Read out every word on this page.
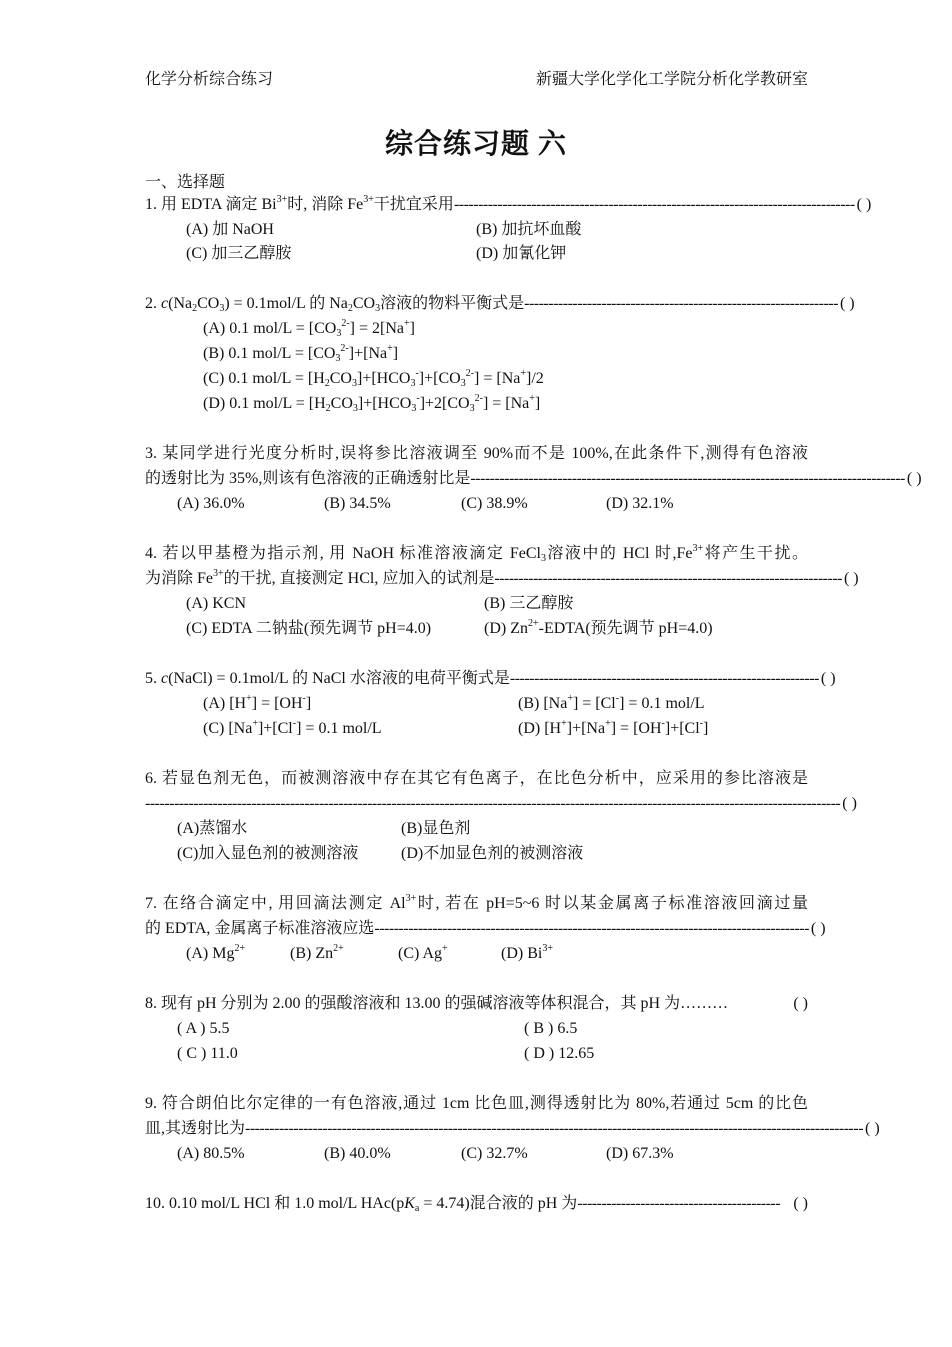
化学分析综合练习	新疆大学化学化工学院分析化学教研室
综合练习题 六
一、选择题
1. 用 EDTA 滴定 $Bi^{3+}$时, 消除 $Fe^{3+}$干扰宜采用----------------------------------------------------------------------------------- ( )
(A) 加 NaOH	(B) 加抗坏血酸
(C) 加三乙醇胺	(D) 加氰化钾
2. $c(Na_2CO_3) = 0.1mol/L$ 的 $Na_2CO_3$溶液的物料平衡式是----------------------------------------------------------------- ( )
(A) 0.1 $mol/L = [CO_3^{2-}] = 2[Na^+]$
(B) 0.1 $mol/L = [CO_3^{2-}]+[Na^+]$
(C) 0.1 $mol/L = [H_2CO_3]+[HCO_3^-]+[CO_3^{2-}] = [Na^+]/2$
(D) 0.1 $mol/L = [H_2CO_3]+[HCO_3^-]+2[CO_3^{2-}] = [Na^+]$
3. 某同学进行光度分析时,误将参比溶液调至 90%而不是 100%,在此条件下,测得有色溶液
的透射比为 35%,则该有色溶液的正确透射比是------------------------------------------------------------------------------------------ ( )
(A) 36.0%	(B) 34.5%	(C) 38.9%	(D) 32.1%
4. 若以甲基橙为指示剂, 用 NaOH 标准溶液滴定 FeCl$_3$溶液中的 HCl 时$,Fe^{3+}$将产生干扰。
为消除 $Fe^{3+}$的干扰, 直接测定 HCl, 应加入的试剂是------------------------------------------------------------------------ ( )
(A) KCN	(B) 三乙醇胺
(C) EDTA 二钠盐(预先调节 pH=4.0)	(D) $Zn^{2+}-EDTA$(预先调节 pH=4.0)
5. c(NaCl) = 0.1mol/L 的 NaCl 水溶液的电荷平衡式是---------------------------------------------------------------- ( )
(A) [H+] = [OH-]	(B) [Na+] = [Cl-] = 0.1 mol/L
(C) [Na+]+[Cl-] = 0.1 mol/L	(D) [H+]+[Na+] = [OH-]+[Cl-]
6. 若显色剂无色，而被测溶液中存在其它有色离子，在比色分析中，应采用的参比溶液是
------------------------------------------------------------------------------------------------------------------------------------------------ ( )
(A)蒸馏水	(B)显色剂
(C)加入显色剂的被测溶液	(D)不加显色剂的被测溶液
7. 在络合滴定中, 用回滴法测定 $Al^{3+}$时, 若在 pH=5~6 时以某金属离子标准溶液回滴过量
的 EDTA, 金属离子标准溶液应选------------------------------------------------------------------------------------------ ( )
(A) $Mg^{2+}$	(B) $Zn^{2+}$	(C) Ag+	(D) $Bi^{3+}$
8. 现有 pH 分别为 2.00 的强酸溶液和 13.00 的强碱溶液等体积混合，其 pH 为………	( )
( A ) 5.5	( B ) 6.5
( C ) 11.0	( D ) 12.65
9. 符合朗伯比尔定律的一有色溶液,通过 1cm 比色皿,测得透射比为 80%,若通过 5cm 的比色
皿,其透射比为-------------------------------------------------------------------------------------------------------------------------------- ( )
(A) 80.5%	(B) 40.0%	(C) 32.7%	(D) 67.3%
10. 0.10 mol/L HCl 和 1.0 mol/L $HAc(pK_a = 4.74)$混合液的 pH 为------------------------------------------ ( )
